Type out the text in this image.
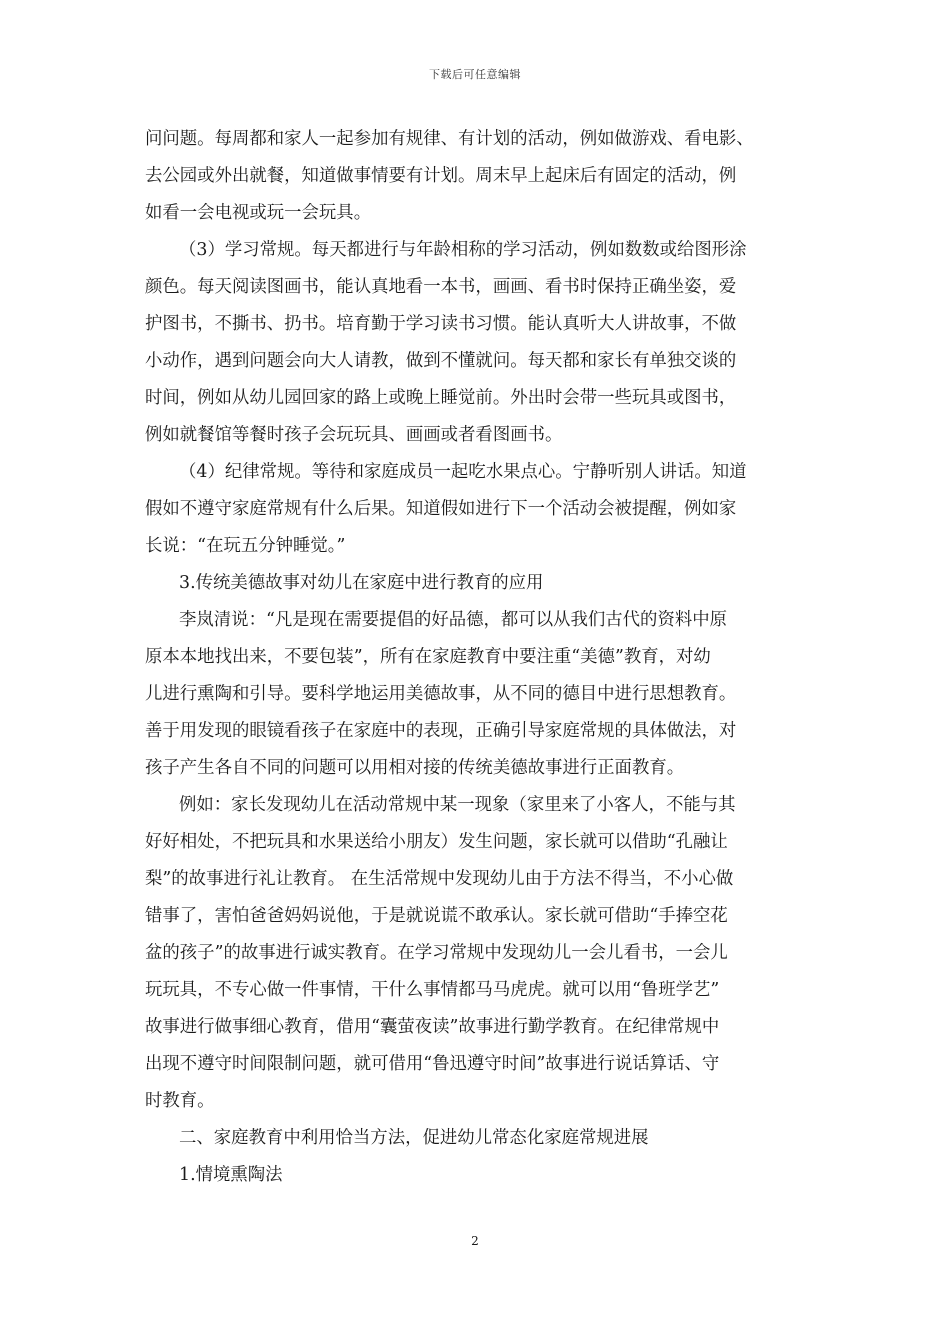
下载后可任意编辑
问问题。每周都和家人一起参加有规律、有计划的活动，例如做游戏、看电影、
去公园或外出就餐，知道做事情要有计划。周末早上起床后有固定的活动，例
如看一会电视或玩一会玩具。
（3）学习常规。每天都进行与年龄相称的学习活动，例如数数或给图形涂
颜色。每天阅读图画书，能认真地看一本书，画画、看书时保持正确坐姿，爱
护图书，不撕书、扔书。培育勤于学习读书习惯。能认真听大人讲故事，不做
小动作，遇到问题会向大人请教，做到不懂就问。每天都和家长有单独交谈的
时间，例如从幼儿园回家的路上或晚上睡觉前。外出时会带一些玩具或图书，
例如就餐馆等餐时孩子会玩玩具、画画或者看图画书。
（4）纪律常规。等待和家庭成员一起吃水果点心。宁静听别人讲话。知道
假如不遵守家庭常规有什么后果。知道假如进行下一个活动会被提醒，例如家
长说：“在玩五分钟睡觉。”
3.传统美德故事对幼儿在家庭中进行教育的应用
李岚清说：“凡是现在需要提倡的好品德，都可以从我们古代的资料中原
原本本地找出来，不要包装”，所有在家庭教育中要注重“美德”教育，对幼
儿进行熏陶和引导。要科学地运用美德故事，从不同的德目中进行思想教育。
善于用发现的眼镜看孩子在家庭中的表现，正确引导家庭常规的具体做法，对
孩子产生各自不同的问题可以用相对接的传统美德故事进行正面教育。
例如：家长发现幼儿在活动常规中某一现象（家里来了小客人，不能与其
好好相处，不把玩具和水果送给小朋友）发生问题，家长就可以借助“孔融让
梨”的故事进行礼让教育。 在生活常规中发现幼儿由于方法不得当，不小心做
错事了，害怕爸爸妈妈说他，于是就说谎不敢承认。家长就可借助“手捧空花
盆的孩子”的故事进行诚实教育。在学习常规中发现幼儿一会儿看书，一会儿
玩玩具，不专心做一件事情，干什么事情都马马虎虎。就可以用“鲁班学艺”
故事进行做事细心教育，借用“囊萤夜读”故事进行勤学教育。在纪律常规中
出现不遵守时间限制问题，就可借用“鲁迅遵守时间”故事进行说话算话、守
时教育。
二、家庭教育中利用恰当方法，促进幼儿常态化家庭常规进展
1.情境熏陶法
2
